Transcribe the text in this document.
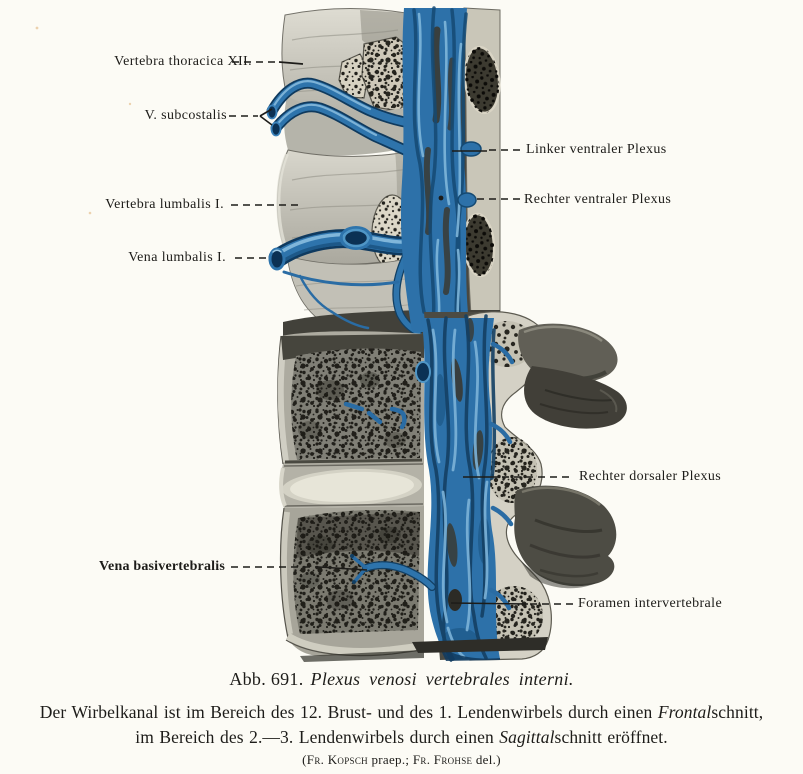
Vertebra thoracica XII.
V. subcostalis
Vertebra lumbalis I.
Vena lumbalis I.
Vena basivertebralis
Linker ventraler Plexus
Rechter ventraler Plexus
Rechter dorsaler Plexus
Foramen intervertebrale
Abb. 691. Plexus venosi vertebrales interni.
Der Wirbelkanal ist im Bereich des 12. Brust- und des 1. Lendenwirbels durch einen Frontalschnitt,
im Bereich des 2.—3. Lendenwirbels durch einen Sagittalschnitt eröffnet.
(Fr. Kopsch praep.; Fr. Frohse del.)
